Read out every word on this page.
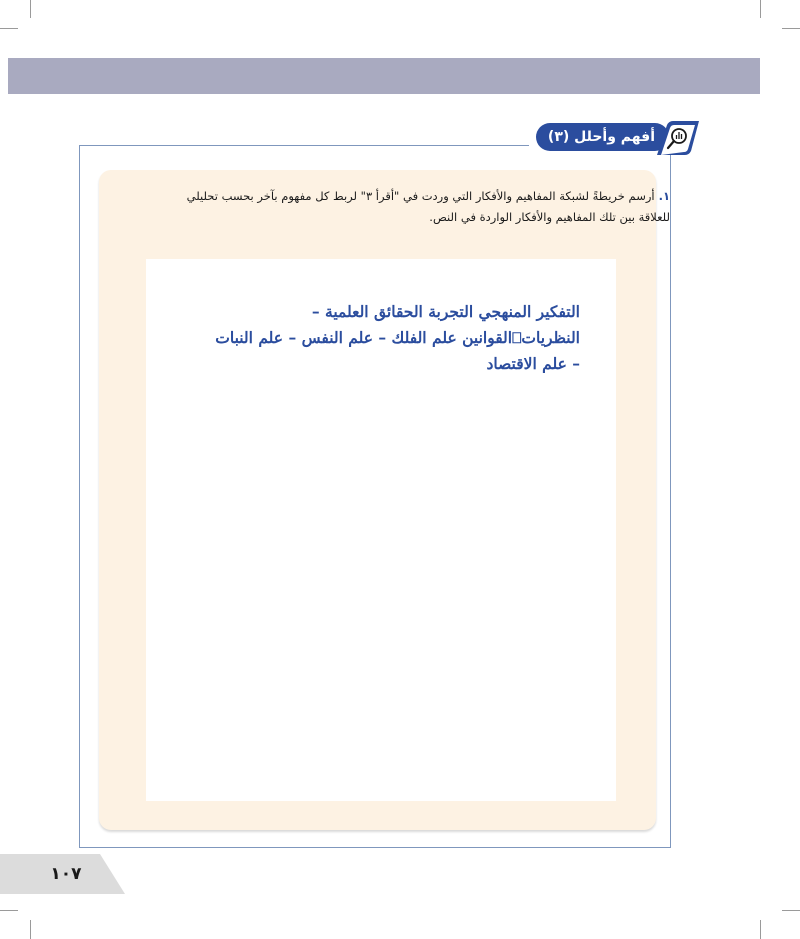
أفهم وأحلل (٣)
١.أرسم خريطةً لشبكة المفاهيم والأفكار التي وردت في "أقرأ ٣" لربط كل مفهوم بآخر بحسب تحليلي
للعلاقة بين تلك المفاهيم والأفكار الواردة في النص.
التفكير المنهجي التجربة الحقائق العلمية –
النظريات⎕القوانين علم الفلك – علم النفس – علم النبات
– علم الاقتصاد
١٠٧
